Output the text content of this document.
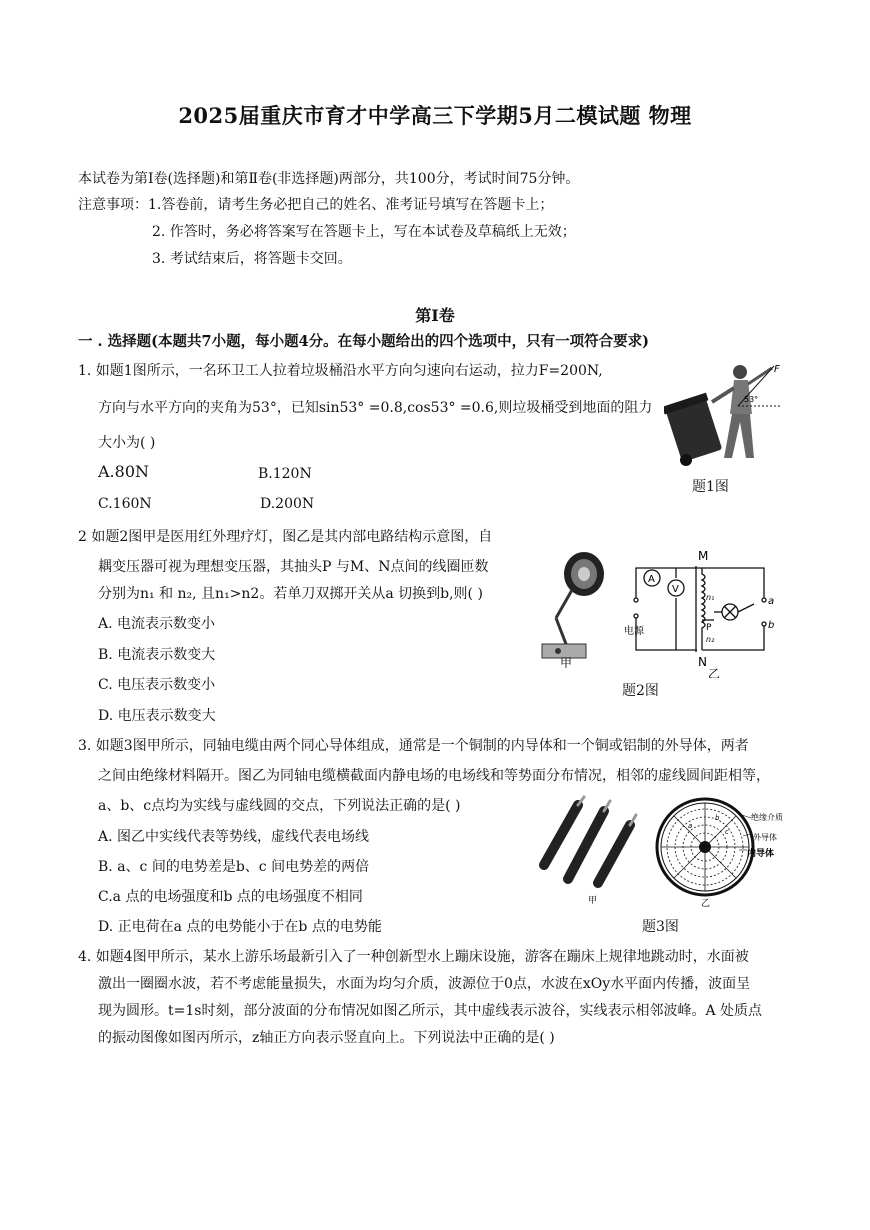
2025届重庆市育才中学高三下学期5月二模试题 物理
本试卷为第Ⅰ卷(选择题)和第Ⅱ卷(非选择题)两部分，共100分，考试时间75分钟。
注意事项： 1.答卷前，请考生务必把自己的姓名、准考证号填写在答题卡上；
2. 作答时，务必将答案写在答题卡上，写在本试卷及草稿纸上无效；
3. 考试结束后，将答题卡交回。
第Ⅰ卷
一 . 选择题(本题共7小题，每小题4分。在每小题给出的四个选项中，只有一项符合要求)
1. 如题1图所示，一名环卫工人拉着垃圾桶沿水平方向匀速向右运动，拉力F=200N,
方向与水平方向的夹角为53°，已知sin53° =0.8,cos53° =0.6,则垃圾桶受到地面的阻力
大小为( )
A.80N	B.120N
C.160N	D.200N
F
53°
题1图
2 如题2图甲是医用红外理疗灯，图乙是其内部电路结构示意图，自
耦变压器可视为理想变压器，其抽头P 与M、N点间的线圈匝数
分别为n₁ 和 n₂, 且n₁>n2。若单刀双掷开关从a 切换到b,则( )
A. 电流表示数变小
B. 电流表示数变大
C. 电压表示数变小
D. 电压表示数变大
甲
A
V
M
N
P
n₁
n₂
a
b
电源
乙
题2图
3. 如题3图甲所示，同轴电缆由两个同心导体组成，通常是一个铜制的内导体和一个铜或铝制的外导体，两者
之间由绝缘材料隔开。图乙为同轴电缆横截面内静电场的电场线和等势面分布情况，相邻的虚线圆间距相等，
a、b、c点均为实线与虚线圆的交点，下列说法正确的是( )
A. 图乙中实线代表等势线，虚线代表电场线
B. a、c 间的电势差是b、c 间电势差的两倍
C.a 点的电场强度和b 点的电场强度不相同
D. 正电荷在a 点的电势能小于在b 点的电势能
甲
a
b
c
绝缘介质
外导体
内导体
乙
题3图
4. 如题4图甲所示，某水上游乐场最新引入了一种创新型水上蹦床设施，游客在蹦床上规律地跳动时，水面被
激出一圈圈水波，若不考虑能量损失，水面为均匀介质，波源位于0点，水波在xOy水平面内传播，波面呈
现为圆形。t=1s时刻，部分波面的分布情况如图乙所示，其中虚线表示波谷，实线表示相邻波峰。A 处质点
的振动图像如图丙所示，z轴正方向表示竖直向上。下列说法中正确的是( )
